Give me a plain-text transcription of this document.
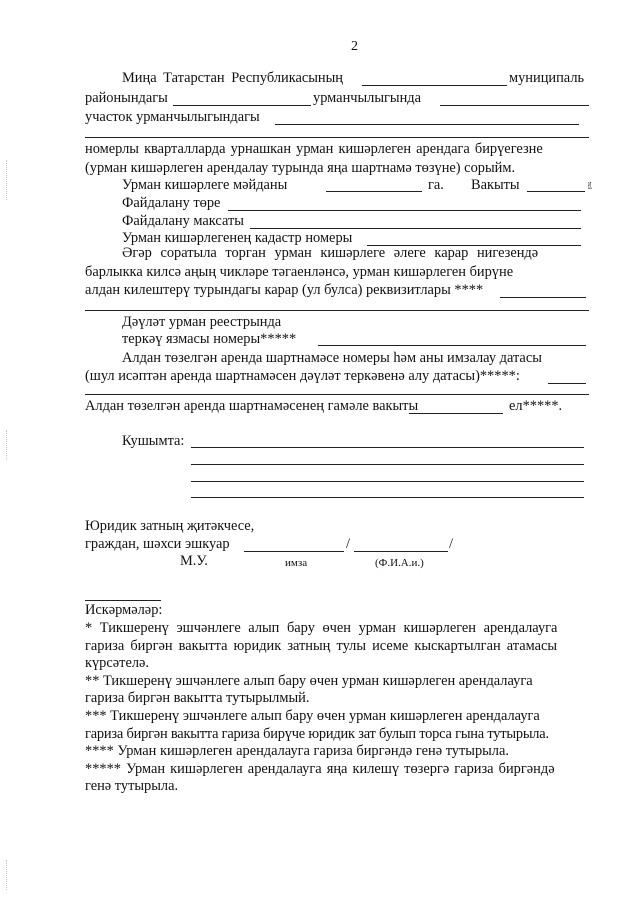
2
Миңа Татарстан Республикасының	муниципаль
районындагы	урманчылыгында
участок урманчылыгындагы
номерлы кварталларда урнашкан урман кишәрлеген арендага бирүегезне
(урман кишәрлеген арендалау турында яңа шартнамә төзүне) сорыйм.
Урман кишәрлеге мәйданы	га. Вакыты	ел.
Файдалану төре
Файдалану максаты
Урман кишәрлегенең кадастр номеры
Әгәр соратыла торган урман кишәрлеге әлеге карар нигезендә
барлыкка килсә аңың чикләре тәгаенләнсә, урман кишәрлеген бирүне
алдан килештерү турындагы карар (ул булса) реквизитлары ****
Дәүләт урман реестрында
теркәү язмасы номеры*****
Алдан төзелгән аренда шартнамәсе номеры һәм аны имзалау датасы
(шул исәптән аренда шартнамәсен дәүләт теркәвенә алу датасы)*****:
Алдан төзелгән аренда шартнамәсенең гамәле вакыты	ел*****.
Кушымта:
Юридик затның җитәкчесе,
граждан, шәхси эшкуар	/	/
М.У.	имза	(Ф.И.А.и.)
Искәрмәләр:
* Тикшеренү эшчәнлеге алып бару өчен урман кишәрлеген арендалауга
гариза биргән вакытта юридик затның тулы исеме кыскартылган атамасы
күрсәтелә.
** Тикшеренү эшчәнлеге алып бару өчен урман кишәрлеген арендалауга
гариза биргән вакытта тутырылмый.
*** Тикшеренү эшчәнлеге алып бару өчен урман кишәрлеген арендалауга
гариза биргән вакытта гариза бирүче юридик зат булып торса гына тутырыла.
**** Урман кишәрлеген арендалауга гариза биргәндә генә тутырыла.
***** Урман кишәрлеген арендалауга яңа килешү төзергә гариза биргәндә
генә тутырыла.
